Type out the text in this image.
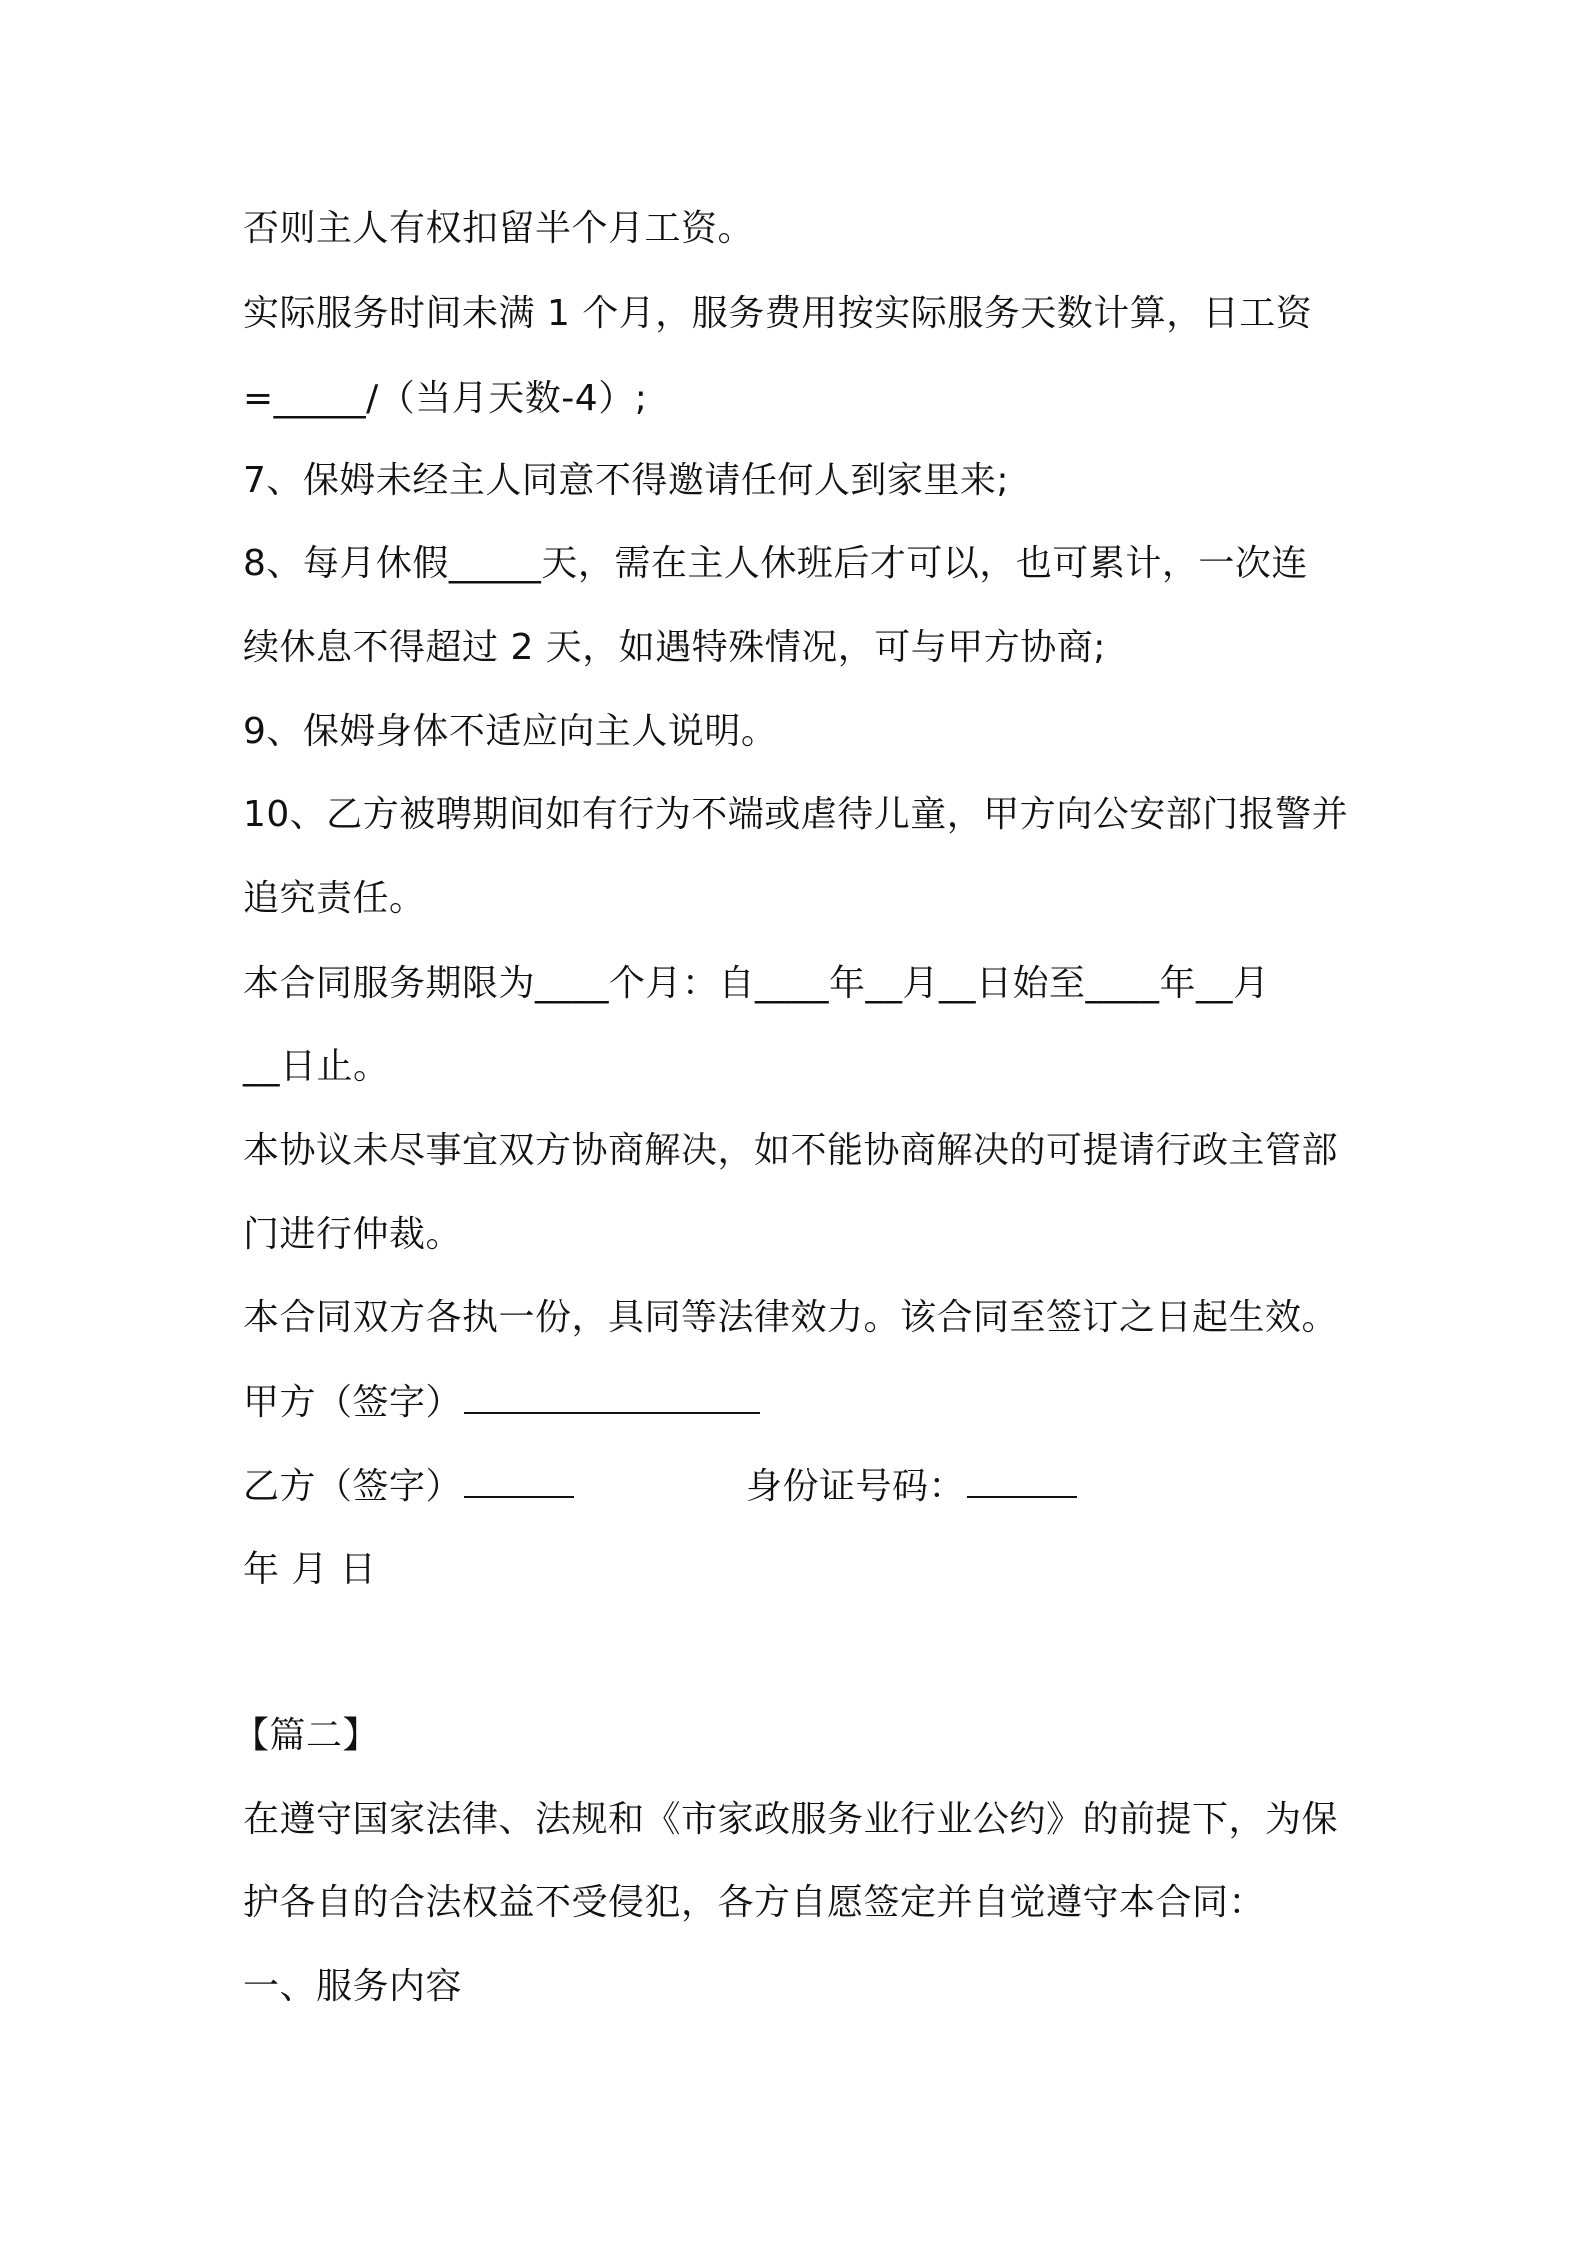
否则主人有权扣留半个月工资。
实际服务时间未满 1 个月，服务费用按实际服务天数计算，日工资
=_____/（当月天数-4）;
7、保姆未经主人同意不得邀请任何人到家里来;
8、每月休假_____天，需在主人休班后才可以，也可累计，一次连
续休息不得超过 2 天，如遇特殊情况，可与甲方协商;
9、保姆身体不适应向主人说明。
10、乙方被聘期间如有行为不端或虐待儿童，甲方向公安部门报警并
追究责任。
本合同服务期限为____个月：自____年__月__日始至____年__月
__日止。
本协议未尽事宜双方协商解决，如不能协商解决的可提请行政主管部
门进行仲裁。
本合同双方各执一份，具同等法律效力。该合同至签订之日起生效。
甲方（签字）
乙方（签字）	身份证号码：
年 月 日
【篇二】
在遵守国家法律、法规和《市家政服务业行业公约》的前提下，为保
护各自的合法权益不受侵犯，各方自愿签定并自觉遵守本合同：
一、服务内容
